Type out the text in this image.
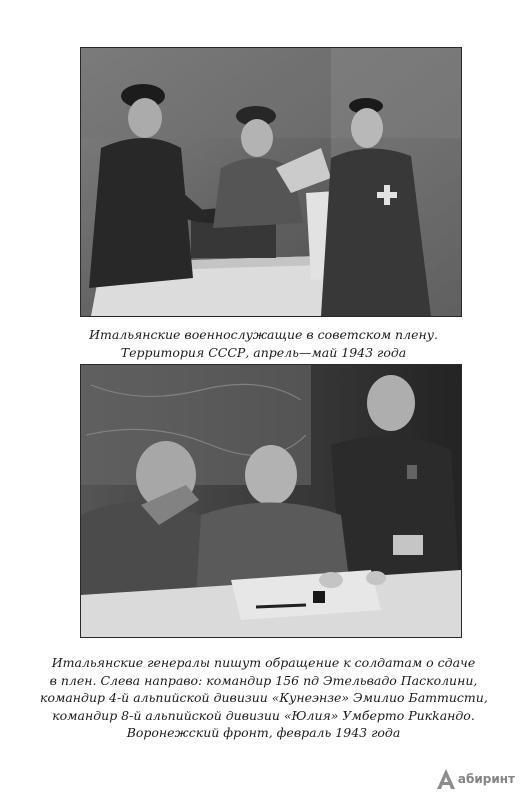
Итальянские военнослужащие в советском плену.
Территория СССР, апрель—май 1943 года
Итальянские генералы пишут обращение к солдатам о сдаче
в плен. Слева направо: командир 156 пд Этельвадо Пасколини,
командир 4-й альпийской дивизии «Кунеэнзе» Эмилио Баттисти,
командир 8-й альпийской дивизии «Юлия» Умберто Рикkандо.
Воронежский фронт, февраль 1943 года
абиринт
